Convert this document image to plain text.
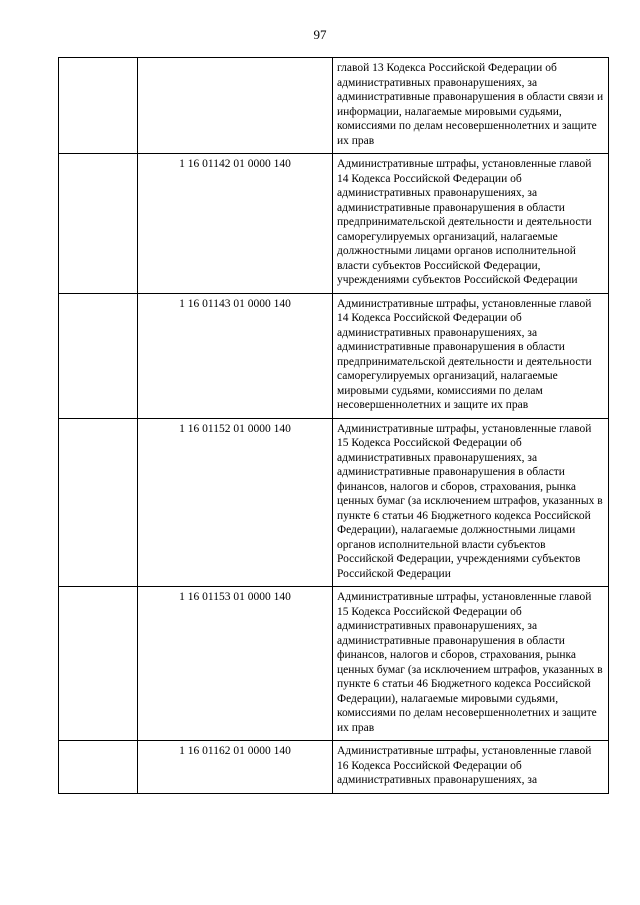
97
		главой 13 Кодекса Российской Федерации об административных правонарушениях, за административные правонарушения в области связи и информации, налагаемые мировыми судьями, комиссиями по делам несовершеннолетних и защите их прав
	1 16 01142 01 0000 140	Административные штрафы, установленные главой 14 Кодекса Российской Федерации об административных правонарушениях, за административные правонарушения в области предпринимательской деятельности и деятельности саморегулируемых организаций, налагаемые должностными лицами органов исполнительной власти субъектов Российской Федерации, учреждениями субъектов Российской Федерации
	1 16 01143 01 0000 140	Административные штрафы, установленные главой 14 Кодекса Российской Федерации об административных правонарушениях, за административные правонарушения в области предпринимательской деятельности и деятельности саморегулируемых организаций, налагаемые мировыми судьями, комиссиями по делам несовершеннолетних и защите их прав
	1 16 01152 01 0000 140	Административные штрафы, установленные главой 15 Кодекса Российской Федерации об административных правонарушениях, за административные правонарушения в области финансов, налогов и сборов, страхования, рынка ценных бумаг (за исключением штрафов, указанных в пункте 6 статьи 46 Бюджетного кодекса Российской Федерации), налагаемые должностными лицами органов исполнительной власти субъектов Российской Федерации, учреждениями субъектов Российской Федерации
	1 16 01153 01 0000 140	Административные штрафы, установленные главой 15 Кодекса Российской Федерации об административных правонарушениях, за административные правонарушения в области финансов, налогов и сборов, страхования, рынка ценных бумаг (за исключением штрафов, указанных в пункте 6 статьи 46 Бюджетного кодекса Российской Федерации), налагаемые мировыми судьями, комиссиями по делам несовершеннолетних и защите их прав
	1 16 01162 01 0000 140	Административные штрафы, установленные главой 16 Кодекса Российской Федерации об административных правонарушениях, за
